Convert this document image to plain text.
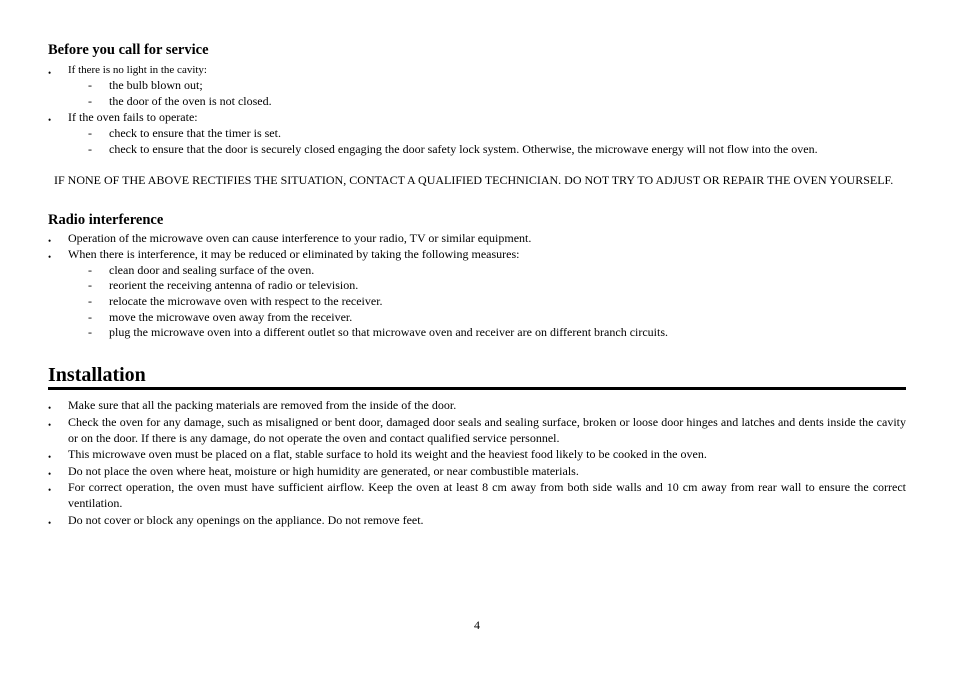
Before you call for service
• If there is no light in the cavity:
- the bulb blown out;
- the door of the oven is not closed.
• If the oven fails to operate:
- check to ensure that the timer is set.
- check to ensure that the door is securely closed engaging the door safety lock system. Otherwise, the microwave energy will not flow into the oven.
IF NONE OF THE ABOVE RECTIFIES THE SITUATION, CONTACT A QUALIFIED TECHNICIAN. DO NOT TRY TO ADJUST OR REPAIR THE OVEN YOURSELF.
Radio interference
• Operation of the microwave oven can cause interference to your radio, TV or similar equipment.
• When there is interference, it may be reduced or eliminated by taking the following measures:
- clean door and sealing surface of the oven.
- reorient the receiving antenna of radio or television.
- relocate the microwave oven with respect to the receiver.
- move the microwave oven away from the receiver.
- plug the microwave oven into a different outlet so that microwave oven and receiver are on different branch circuits.
Installation
• Make sure that all the packing materials are removed from the inside of the door.
• Check the oven for any damage, such as misaligned or bent door, damaged door seals and sealing surface, broken or loose door hinges and latches and dents inside the cavity or on the door. If there is any damage, do not operate the oven and contact qualified service personnel.
• This microwave oven must be placed on a flat, stable surface to hold its weight and the heaviest food likely to be cooked in the oven.
• Do not place the oven where heat, moisture or high humidity are generated, or near combustible materials.
• For correct operation, the oven must have sufficient airflow. Keep the oven at least 8 cm away from both side walls and 10 cm away from rear wall to ensure the correct ventilation.
• Do not cover or block any openings on the appliance. Do not remove feet.
4
